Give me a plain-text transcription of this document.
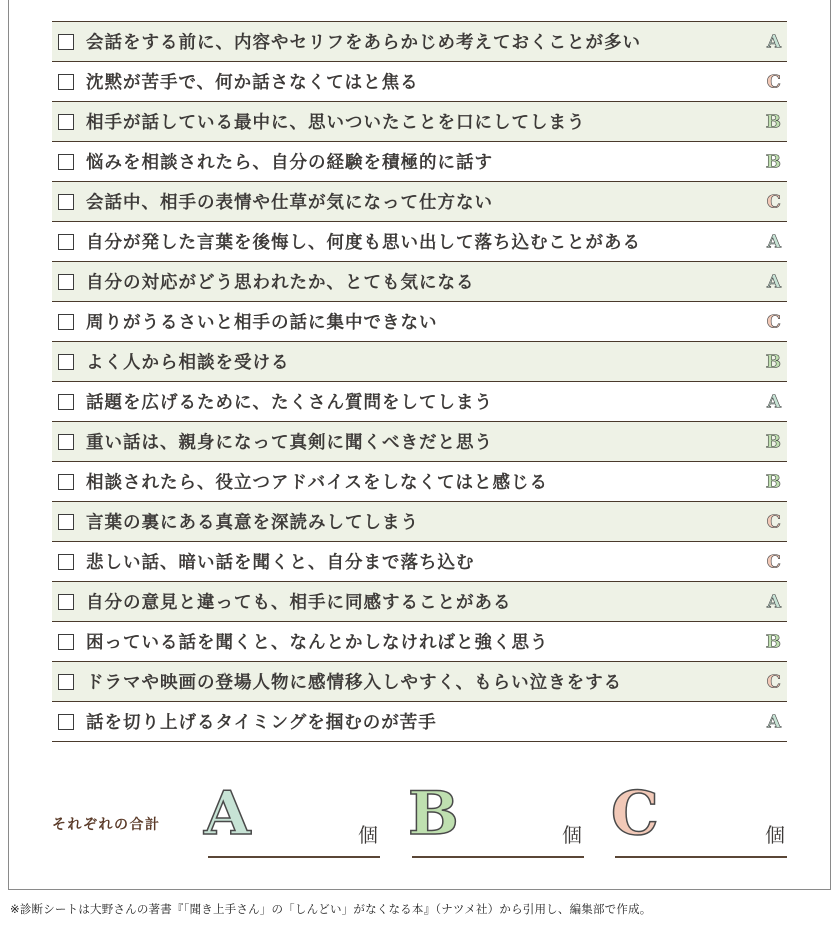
会話をする前に、内容やセリフをあらかじめ考えておくことが多い	A
沈黙が苦手で、何か話さなくてはと焦る	C
相手が話している最中に、思いついたことを口にしてしまう	B
悩みを相談されたら、自分の経験を積極的に話す	B
会話中、相手の表情や仕草が気になって仕方ない	C
自分が発した言葉を後悔し、何度も思い出して落ち込むことがある	A
自分の対応がどう思われたか、とても気になる	A
周りがうるさいと相手の話に集中できない	C
よく人から相談を受ける	B
話題を広げるために、たくさん質問をしてしまう	A
重い話は、親身になって真剣に聞くべきだと思う	B
相談されたら、役立つアドバイスをしなくてはと感じる	B
言葉の裏にある真意を深読みしてしまう	C
悲しい話、暗い話を聞くと、自分まで落ち込む	C
自分の意見と違っても、相手に同感することがある	A
困っている話を聞くと、なんとかしなければと強く思う	B
ドラマや映画の登場人物に感情移入しやすく、もらい泣きをする	C
話を切り上げるタイミングを掴むのが苦手	A
それぞれの合計 A	個 B	個 C	個
※診断シートは大野さんの著書『「聞き上手さん」の「しんどい」がなくなる本』（ナツメ社）から引用し、編集部で作成。
